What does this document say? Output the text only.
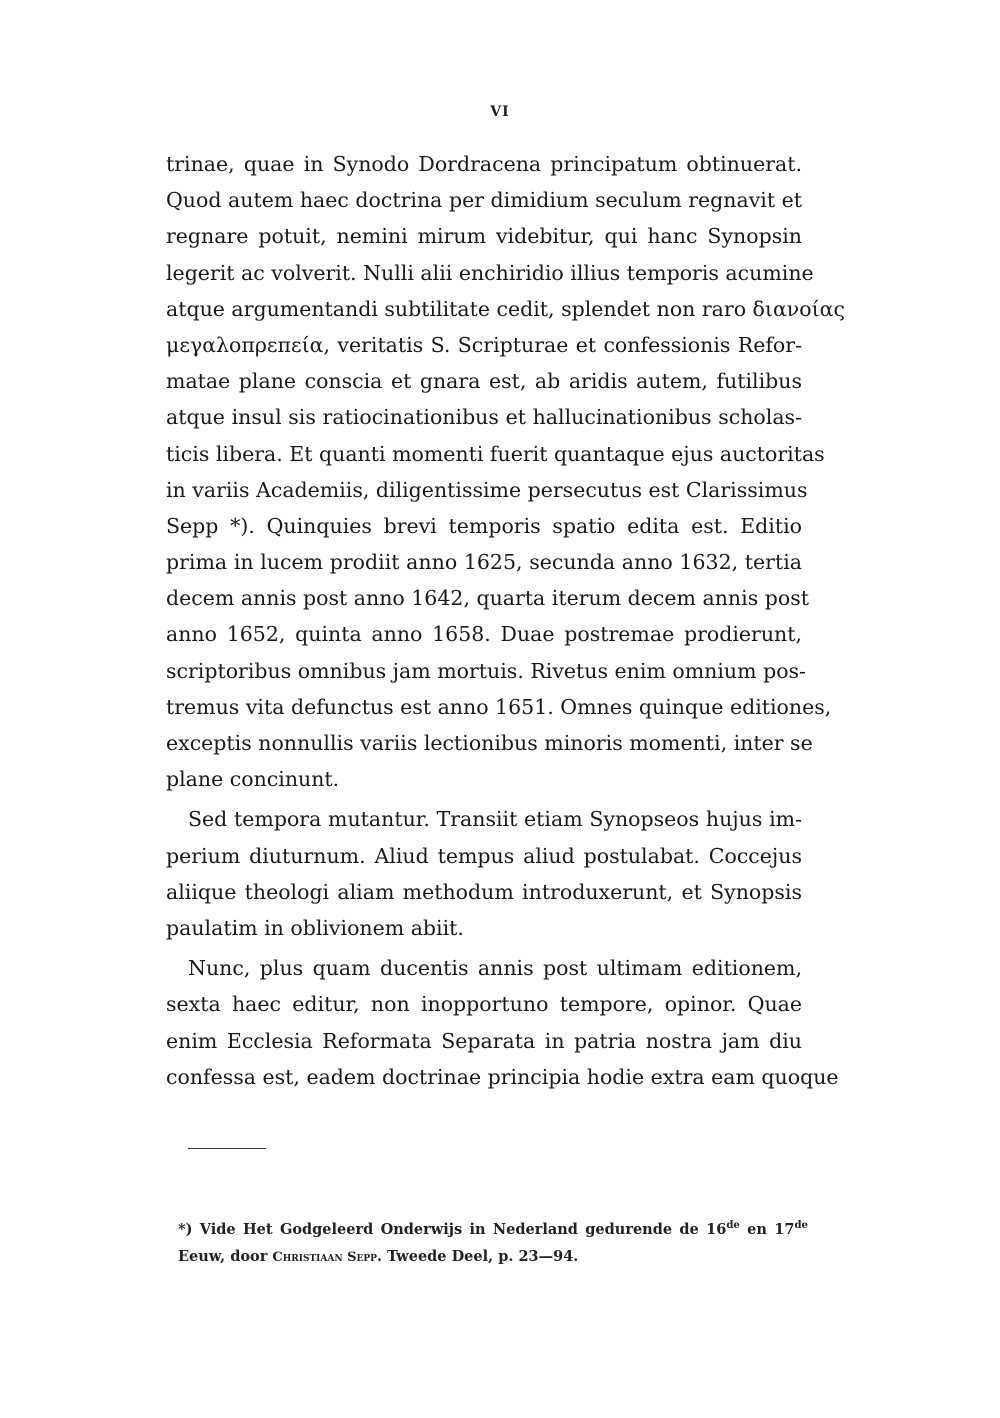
VI
trinae, quae in Synodo Dordracena principatum obtinuerat.
Quod autem haec doctrina per dimidium seculum regnavit et
regnare potuit, nemini mirum videbitur, qui hanc Synopsin
legerit ac volverit. Nulli alii enchiridio illius temporis acumine
atque argumentandi subtilitate cedit, splendet non raro διανοίας
μεγαλοπρεπεία, veritatis S. Scripturae et confessionis Refor-
matae plane conscia et gnara est, ab aridis autem, futilibus
atque insul sis ratiocinationibus et hallucinationibus scholas-
ticis libera. Et quanti momenti fuerit quantaque ejus auctoritas
in variis Academiis, diligentissime persecutus est Clarissimus
Sepp *). Quinquies brevi temporis spatio edita est. Editio
prima in lucem prodiit anno 1625, secunda anno 1632, tertia
decem annis post anno 1642, quarta iterum decem annis post
anno 1652, quinta anno 1658. Duae postremae prodierunt,
scriptoribus omnibus jam mortuis. Rivetus enim omnium pos-
tremus vita defunctus est anno 1651. Omnes quinque editiones,
exceptis nonnullis variis lectionibus minoris momenti, inter se
plane concinunt.
Sed tempora mutantur. Transiit etiam Synopseos hujus im-
perium diuturnum. Aliud tempus aliud postulabat. Coccejus
aliique theologi aliam methodum introduxerunt, et Synopsis
paulatim in oblivionem abiit.
Nunc, plus quam ducentis annis post ultimam editionem,
sexta haec editur, non inopportuno tempore, opinor. Quae
enim Ecclesia Reformata Separata in patria nostra jam diu
confessa est, eadem doctrinae principia hodie extra eam quoque
*) Vide Het Godgeleerd Onderwijs in Nederland gedurende de 16de en 17de
Eeuw, door Christiaan Sepp. Tweede Deel, p. 23—94.
